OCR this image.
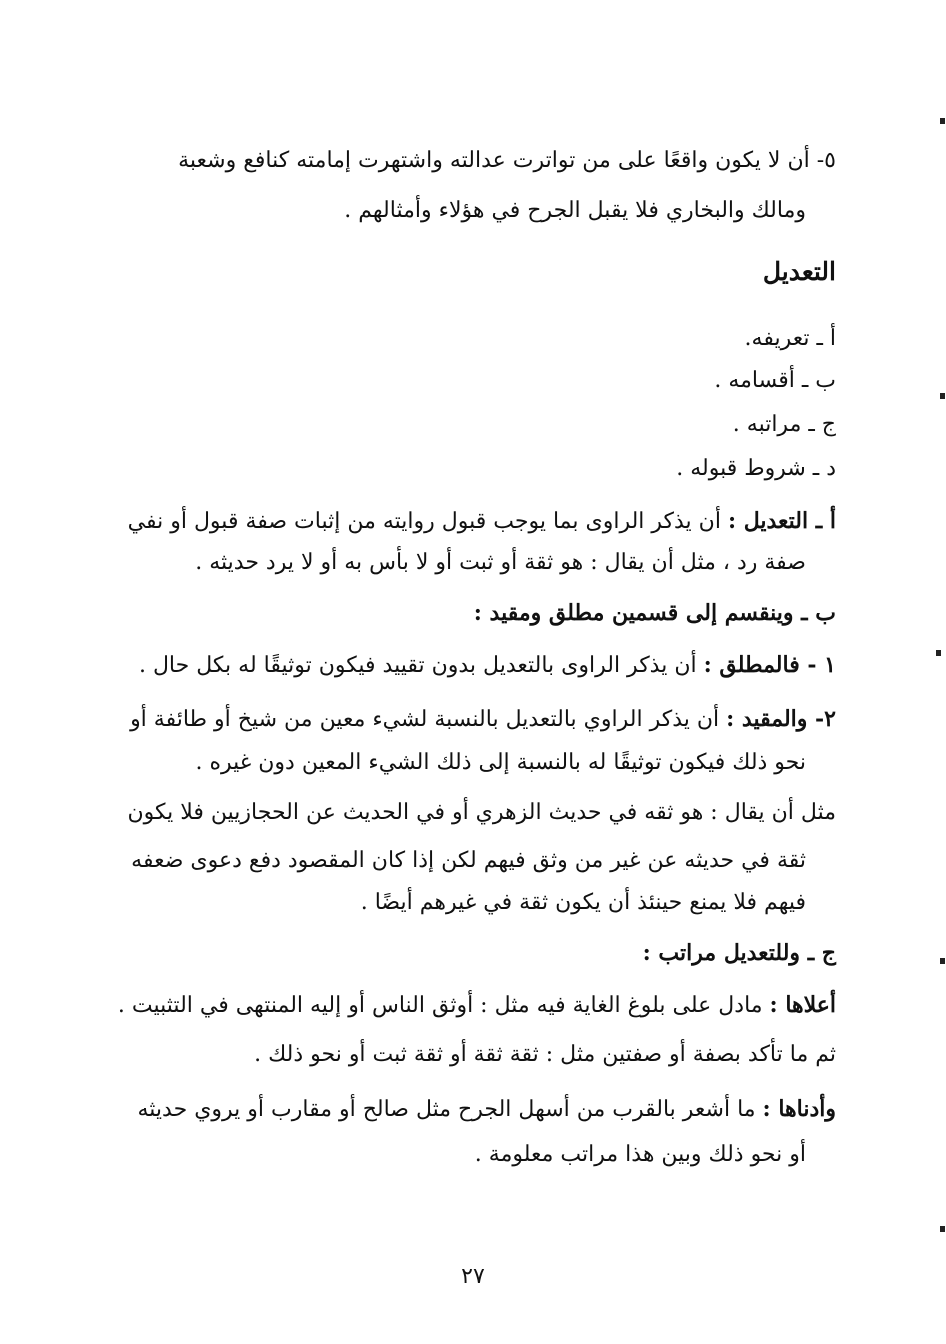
٥- أن لا يكون واقعًا على من تواترت عدالته واشتهرت إمامته كنافع وشعبة
ومالك والبخاري فلا يقبل الجرح في هؤلاء وأمثالهم .
التعديل
أ ـ تعريفه.
ب ـ أقسامه .
ج ـ مراتبه .
د ـ شروط قبوله .
أ ـ التعديل : أن يذكر الراوى بما يوجب قبول روايته من إثبات صفة قبول أو نفي
صفة رد ، مثل أن يقال : هو ثقة أو ثبت أو لا بأس به أو لا يرد حديثه .
ب ـ وينقسم إلى قسمين مطلق ومقيد :
١ - فالمطلق : أن يذكر الراوى بالتعديل بدون تقييد فيكون توثيقًا له بكل حال .
٢- والمقيد : أن يذكر الراوي بالتعديل بالنسبة لشيء معين من شيخ أو طائفة أو
نحو ذلك فيكون توثيقًا له بالنسبة إلى ذلك الشيء المعين دون غيره .
مثل أن يقال : هو ثقه في حديث الزهري أو في الحديث عن الحجازيين فلا يكون
ثقة في حديثه عن غير من وثق فيهم لكن إذا كان المقصود دفع دعوى ضعفه
فيهم فلا يمنع حينئذ أن يكون ثقة في غيرهم أيضًا .
ج ـ وللتعديل مراتب :
أعلاها : مادل على بلوغ الغاية فيه مثل : أوثق الناس أو إليه المنتهى في التثبيت .
ثم ما تأكد بصفة أو صفتين مثل : ثقة ثقة أو ثقة ثبت أو نحو ذلك .
وأدناها : ما أشعر بالقرب من أسهل الجرح مثل صالح أو مقارب أو يروي حديثه
أو نحو ذلك وبين هذا مراتب معلومة .
٢٧
